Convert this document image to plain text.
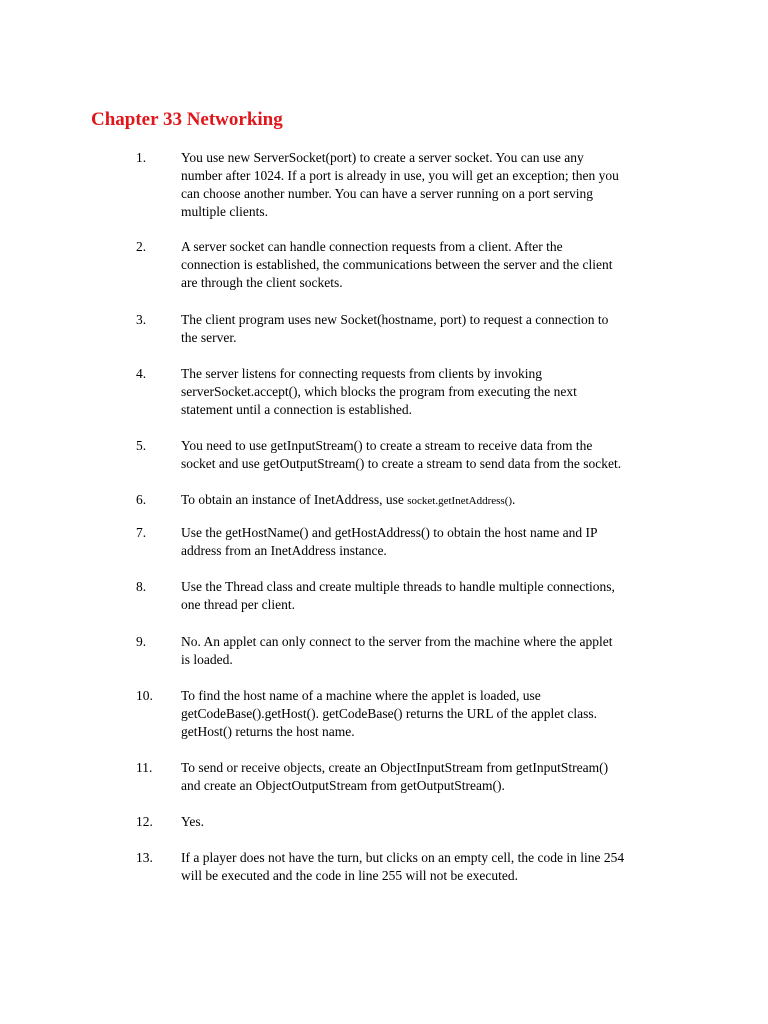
Chapter 33 Networking
1.	You use new ServerSocket(port) to create a server socket. You can use any
number after 1024. If a port is already in use, you will get an exception; then you
can choose another number. You can have a server running on a port serving
multiple clients.
2.	A server socket can handle connection requests from a client. After the
connection is established, the communications between the server and the client
are through the client sockets.
3.	The client program uses new Socket(hostname, port) to request a connection to
the server.
4.	The server listens for connecting requests from clients by invoking
serverSocket.accept(), which blocks the program from executing the next
statement until a connection is established.
5.	You need to use getInputStream() to create a stream to receive data from the
socket and use getOutputStream() to create a stream to send data from the socket.
6.	To obtain an instance of InetAddress, use socket.getInetAddress().
7.	Use the getHostName() and getHostAddress() to obtain the host name and IP
address from an InetAddress instance.
8.	Use the Thread class and create multiple threads to handle multiple connections,
one thread per client.
9.	No. An applet can only connect to the server from the machine where the applet
is loaded.
10. To find the host name of a machine where the applet is loaded, use
getCodeBase().getHost(). getCodeBase() returns the URL of the applet class.
getHost() returns the host name.
11. To send or receive objects, create an ObjectInputStream from getInputStream()
and create an ObjectOutputStream from getOutputStream().
12. Yes.
13. If a player does not have the turn, but clicks on an empty cell, the code in line 254
will be executed and the code in line 255 will not be executed.
